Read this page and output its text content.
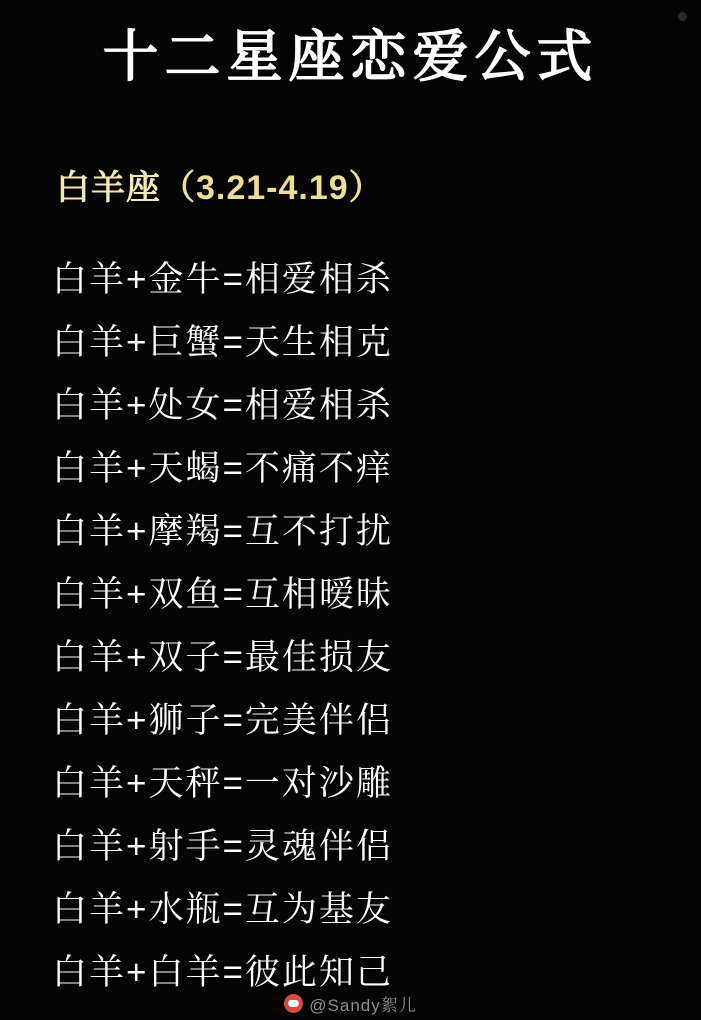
十二星座恋爱公式
白羊座（3.21-4.19）
白羊+金牛=相爱相杀
白羊+巨蟹=天生相克
白羊+处女=相爱相杀
白羊+天蝎=不痛不痒
白羊+摩羯=互不打扰
白羊+双鱼=互相暧昧
白羊+双子=最佳损友
白羊+狮子=完美伴侣
白羊+天秤=一对沙雕
白羊+射手=灵魂伴侣
白羊+水瓶=互为基友
白羊+白羊=彼此知己
@Sandy絮儿
